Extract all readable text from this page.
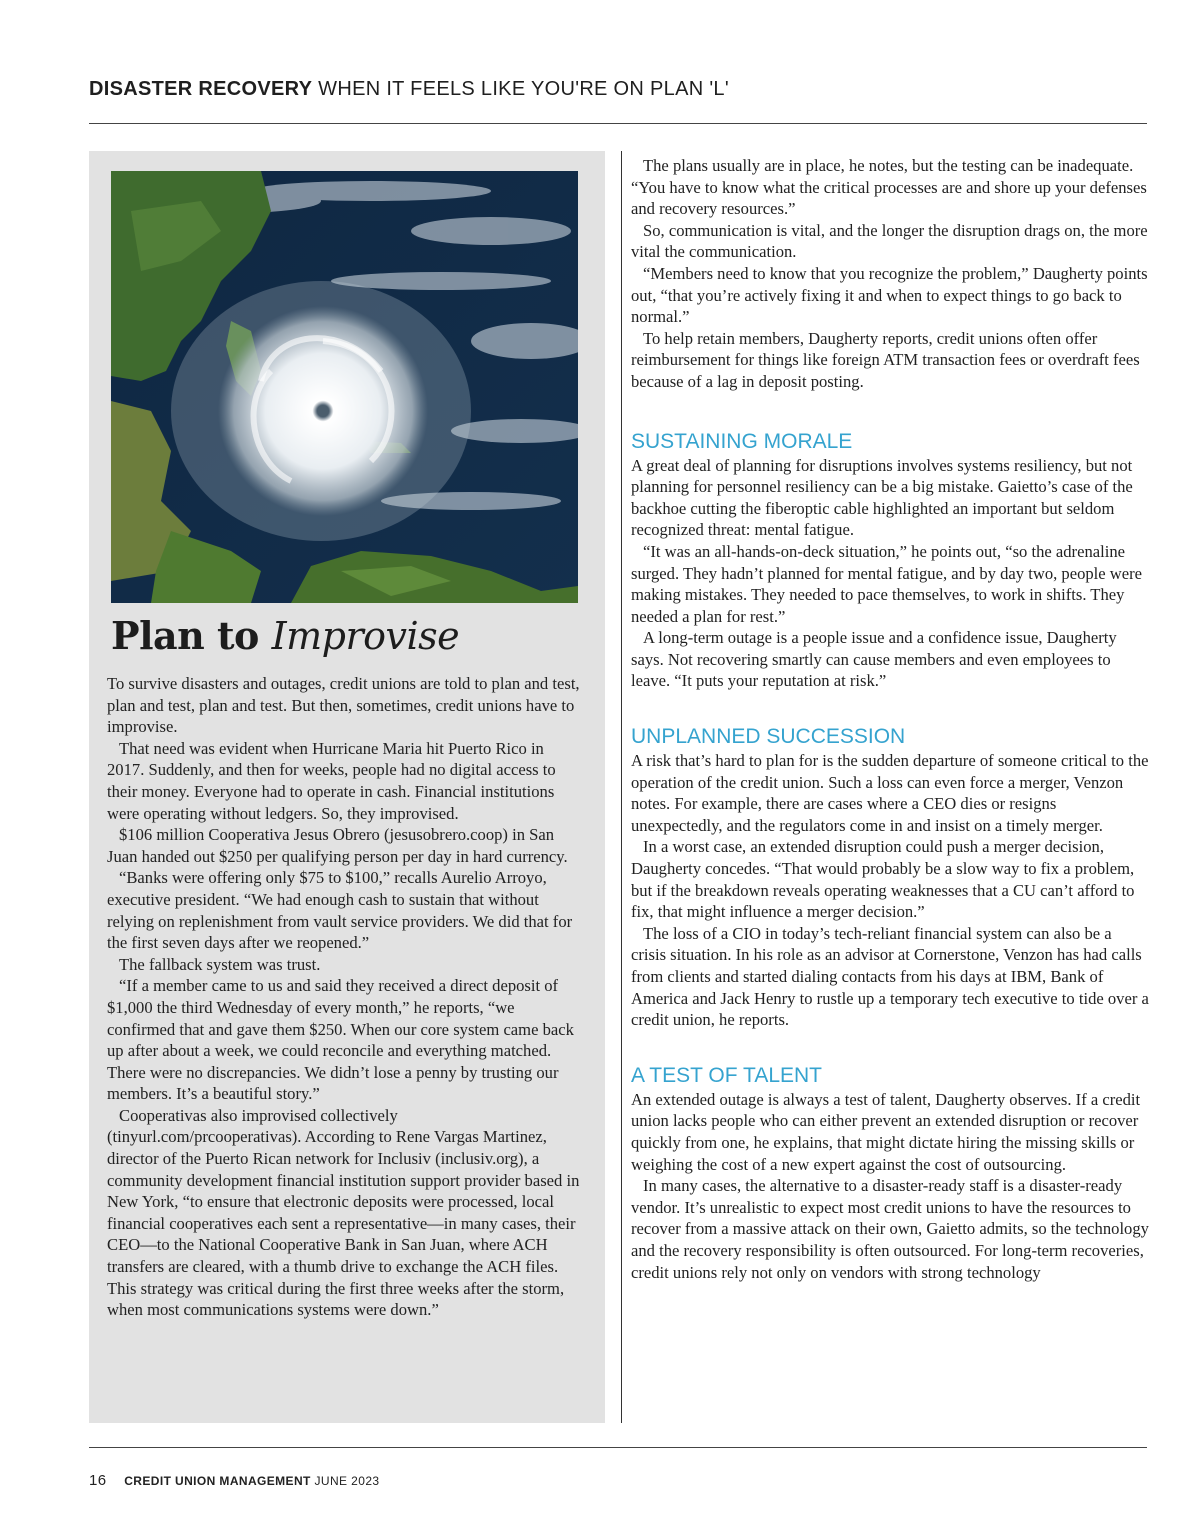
DISASTER RECOVERY WHEN IT FEELS LIKE YOU'RE ON PLAN 'L'
Plan to Improvise

To survive disasters and outages, credit unions are told to plan and test, plan and test, plan and test. But then, sometimes, credit unions have to improvise.

That need was evident when Hurricane Maria hit Puerto Rico in 2017. Suddenly, and then for weeks, people had no digital access to their money. Everyone had to operate in cash. Financial institutions were operating without ledgers. So, they improvised.

$106 million Cooperativa Jesus Obrero (jesusobrero.coop) in San Juan handed out $250 per qualifying person per day in hard currency.

“Banks were offering only $75 to $100,” recalls Aurelio Arroyo, executive president. “We had enough cash to sustain that without relying on replenishment from vault service providers. We did that for the first seven days after we reopened.”

The fallback system was trust.

“If a member came to us and said they received a direct deposit of $1,000 the third Wednesday of every month,” he reports, “we confirmed that and gave them $250. When our core system came back up after about a week, we could reconcile and everything matched. There were no discrepancies. We didn’t lose a penny by trusting our members. It’s a beautiful story.”

Cooperativas also improvised collectively (tinyurl.com/prcooperativas). According to Rene Vargas Martinez, director of the Puerto Rican network for Inclusiv (inclusiv.org), a community development financial institution support provider based in New York, “to ensure that electronic deposits were processed, local financial cooperatives each sent a representative—in many cases, their CEO—to the National Cooperative Bank in San Juan, where ACH transfers are cleared, with a thumb drive to exchange the ACH files. This strategy was critical during the first three weeks after the storm, when most communications systems were down.”

The plans usually are in place, he notes, but the testing can be inadequate. “You have to know what the critical processes are and shore up your defenses and recovery resources.”

So, communication is vital, and the longer the disruption drags on, the more vital the communication.

“Members need to know that you recognize the problem,” Daugherty points out, “that you’re actively fixing it and when to expect things to go back to normal.”

To help retain members, Daugherty reports, credit unions often offer reimbursement for things like foreign ATM transaction fees or overdraft fees because of a lag in deposit posting.

SUSTAINING MORALE

A great deal of planning for disruptions involves systems resiliency, but not planning for personnel resiliency can be a big mistake. Gaietto’s case of the backhoe cutting the fiberoptic cable highlighted an important but seldom recognized threat: mental fatigue.

“It was an all-hands-on-deck situation,” he points out, “so the adrenaline surged. They hadn’t planned for mental fatigue, and by day two, people were making mistakes. They needed to pace themselves, to work in shifts. They needed a plan for rest.”

A long-term outage is a people issue and a confidence issue, Daugherty says. Not recovering smartly can cause members and even employees to leave. “It puts your reputation at risk.”

UNPLANNED SUCCESSION

A risk that’s hard to plan for is the sudden departure of someone critical to the operation of the credit union. Such a loss can even force a merger, Venzon notes. For example, there are cases where a CEO dies or resigns unexpectedly, and the regulators come in and insist on a timely merger.

In a worst case, an extended disruption could push a merger decision, Daugherty concedes. “That would probably be a slow way to fix a problem, but if the breakdown reveals operating weaknesses that a CU can’t afford to fix, that might influence a merger decision.”

The loss of a CIO in today’s tech-reliant financial system can also be a crisis situation. In his role as an advisor at Cornerstone, Venzon has had calls from clients and started dialing contacts from his days at IBM, Bank of America and Jack Henry to rustle up a temporary tech executive to tide over a credit union, he reports.

A TEST OF TALENT

An extended outage is always a test of talent, Daugherty observes. If a credit union lacks people who can either prevent an extended disruption or recover quickly from one, he explains, that might dictate hiring the missing skills or weighing the cost of a new expert against the cost of outsourcing.

In many cases, the alternative to a disaster-ready staff is a disaster-ready vendor. It’s unrealistic to expect most credit unions to have the resources to recover from a massive attack on their own, Gaietto admits, so the technology and the recovery responsibility is often outsourced. For long-term recoveries, credit unions rely not only on vendors with strong technology

16 CREDIT UNION MANAGEMENT JUNE 2023
